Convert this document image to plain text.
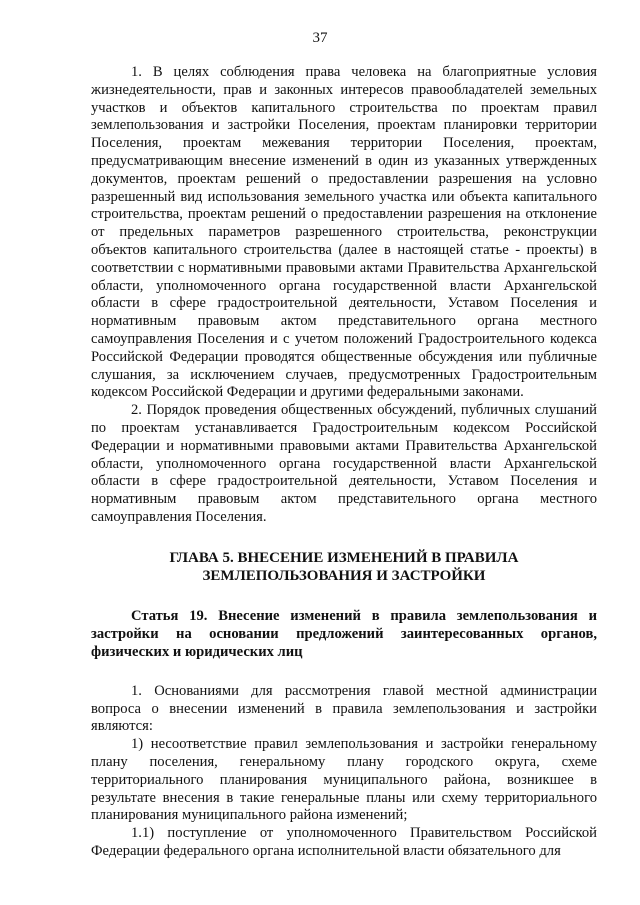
37

1. В целях соблюдения права человека на благоприятные условия жизнедеятельности, прав и законных интересов правообладателей земельных участков и объектов капитального строительства по проектам правил землепользования и застройки Поселения, проектам планировки территории Поселения, проектам межевания территории Поселения, проектам, предусматривающим внесение изменений в один из указанных утвержденных документов, проектам решений о предоставлении разрешения на условно разрешенный вид использования земельного участка или объекта капитального строительства, проектам решений о предоставлении разрешения на отклонение от предельных параметров разрешенного строительства, реконструкции объектов капитального строительства (далее в настоящей статье - проекты) в соответствии с нормативными правовыми актами Правительства Архангельской области, уполномоченного органа государственной власти Архангельской области в сфере градостроительной деятельности, Уставом Поселения и нормативным правовым актом представительного органа местного самоуправления Поселения и с учетом положений Градостроительного кодекса Российской Федерации проводятся общественные обсуждения или публичные слушания, за исключением случаев, предусмотренных Градостроительным кодексом Российской Федерации и другими федеральными законами.

2. Порядок проведения общественных обсуждений, публичных слушаний по проектам устанавливается Градостроительным кодексом Российской Федерации и нормативными правовыми актами Правительства Архангельской области, уполномоченного органа государственной власти Архангельской области в сфере градостроительной деятельности, Уставом Поселения и нормативным правовым актом представительного органа местного самоуправления Поселения.

ГЛАВА 5. ВНЕСЕНИЕ ИЗМЕНЕНИЙ В ПРАВИЛА
ЗЕМЛЕПОЛЬЗОВАНИЯ И ЗАСТРОЙКИ

Статья 19. Внесение изменений в правила землепользования и застройки на основании предложений заинтересованных органов, физических и юридических лиц

1. Основаниями для рассмотрения главой местной администрации вопроса о внесении изменений в правила землепользования и застройки являются:

1) несоответствие правил землепользования и застройки генеральному плану поселения, генеральному плану городского округа, схеме территориального планирования муниципального района, возникшее в результате внесения в такие генеральные планы или схему территориального планирования муниципального района изменений;

1.1) поступление от уполномоченного Правительством Российской Федерации федерального органа исполнительной власти обязательного для
